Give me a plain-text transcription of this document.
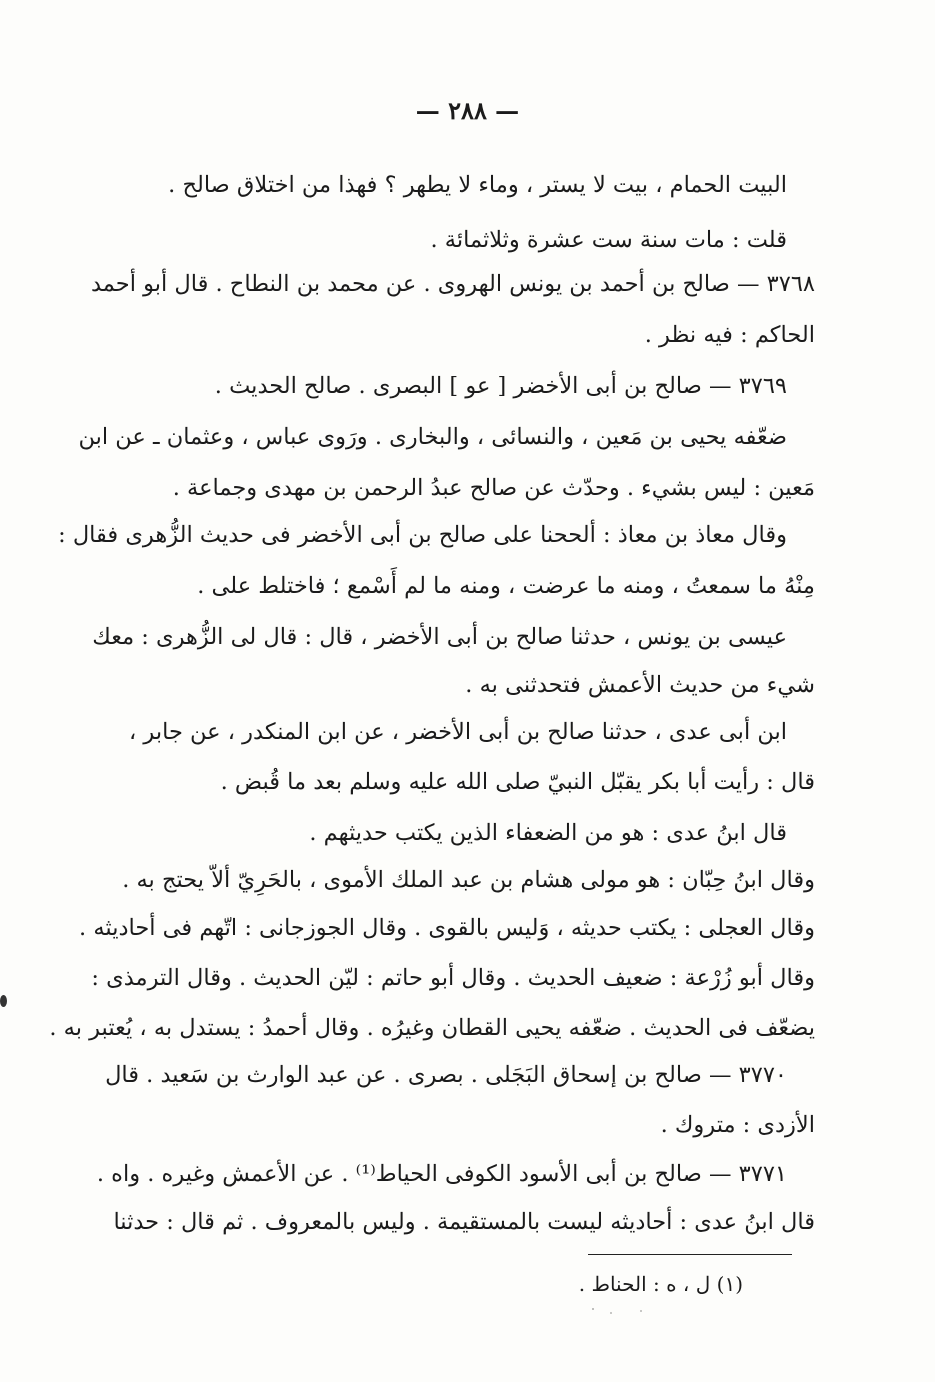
— ٢٨٨ —
البيت الحمام ، بيت لا يستر ، وماء لا يطهر ؟ فهذا من اختلاق صالح .
قلت : مات سنة ست عشرة وثلاثمائة .
٣٧٦٨ — صالح بن أحمد بن يونس الهروى . عن محمد بن النطاح . قال أبو أحمد
الحاكم : فيه نظر .
٣٧٦٩ — صالح بن أبى الأخضر [ عو ] البصرى . صالح الحديث .
ضعّفه يحيى بن مَعين ، والنسائى ، والبخارى . ورَوى عباس ، وعثمان ـ عن ابن
مَعين : ليس بشيء . وحدّث عن صالح عبدُ الرحمن بن مهدى وجماعة .
وقال معاذ بن معاذ : ألححنا على صالح بن أبى الأخضر فى حديث الزُّهرى فقال :
مِنْهُ ما سمعتُ ، ومنه ما عرضت ، ومنه ما لم أَسْمع ؛ فاختلط على .
عيسى بن يونس ، حدثنا صالح بن أبى الأخضر ، قال : قال لى الزُّهرى : معك
شيء من حديث الأعمش فتحدثنى به .
ابن أبى عدى ، حدثنا صالح بن أبى الأخضر ، عن ابن المنكدر ، عن جابر ،
قال : رأيت أبا بكر يقبّل النبيّ صلى الله عليه وسلم بعد ما قُبض .
قال ابنُ عدى : هو من الضعفاء الذين يكتب حديثهم .
وقال ابنُ حِبّان : هو مولى هشام بن عبد الملك الأموى ، بالحَرِيّ ألاّ يحتج به .
وقال العجلى : يكتب حديثه ، وَليس بالقوى . وقال الجوزجانى : اتّهم فى أحاديثه .
وقال أبو زُرْعة : ضعيف الحديث . وقال أبو حاتم : ليّن الحديث . وقال الترمذى :
يضعّف فى الحديث . ضعّفه يحيى القطان وغيرُه . وقال أحمدُ : يستدل به ، يُعتبر به .
٣٧٧٠ — صالح بن إسحاق البَجَلى . بصرى . عن عبد الوارث بن سَعيد . قال
الأزدى : متروك .
٣٧٧١ — صالح بن أبى الأسود الكوفى الحياط⁽¹⁾ . عن الأعمش وغيره . واه .
قال ابنُ عدى : أحاديثه ليست بالمستقيمة . وليس بالمعروف . ثم قال : حدثنا
(١) ل ، ه : الحناط .
